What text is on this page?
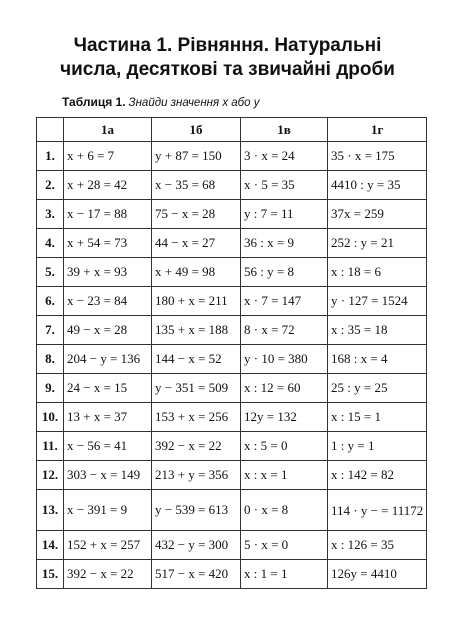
Частина 1. Рівняння. Натуральні
числа, десяткові та звичайні дроби
Таблиця 1. Знайди значення x або y
	1а	1б	1в	1г
1.	x + 6 = 7	y + 87 = 150	3 · x = 24	35 · x = 175
2.	x + 28 = 42	x − 35 = 68	x · 5 = 35	4410 : y = 35
3.	x − 17 = 88	75 − x = 28	y : 7 = 11	37x = 259
4.	x + 54 = 73	44 − x = 27	36 : x = 9	252 : y = 21
5.	39 + x = 93	x + 49 = 98	56 : y = 8	x : 18 = 6
6.	x − 23 = 84	180 + x = 211	x · 7 = 147	y · 127 = 1524
7.	49 − x = 28	135 + x = 188	8 · x = 72	x : 35 = 18
8.	204 − y = 136	144 − x = 52	y · 10 = 380	168 : x = 4
9.	24 − x = 15	y − 351 = 509	x : 12 = 60	25 : y = 25
10.	13 + x = 37	153 + x = 256	12y = 132	x : 15 = 1
11.	x − 56 = 41	392 − x = 22	x : 5 = 0	1 : y = 1
12.	303 − x = 149	213 + y = 356	x : x = 1	x : 142 = 82
13.	x − 391 = 9	y − 539 = 613	0 · x = 8	114 · y − = 11172
14.	152 + x = 257	432 − y = 300	5 · x = 0	x : 126 = 35
15.	392 − x = 22	517 − x = 420	x : 1 = 1	126y = 4410
